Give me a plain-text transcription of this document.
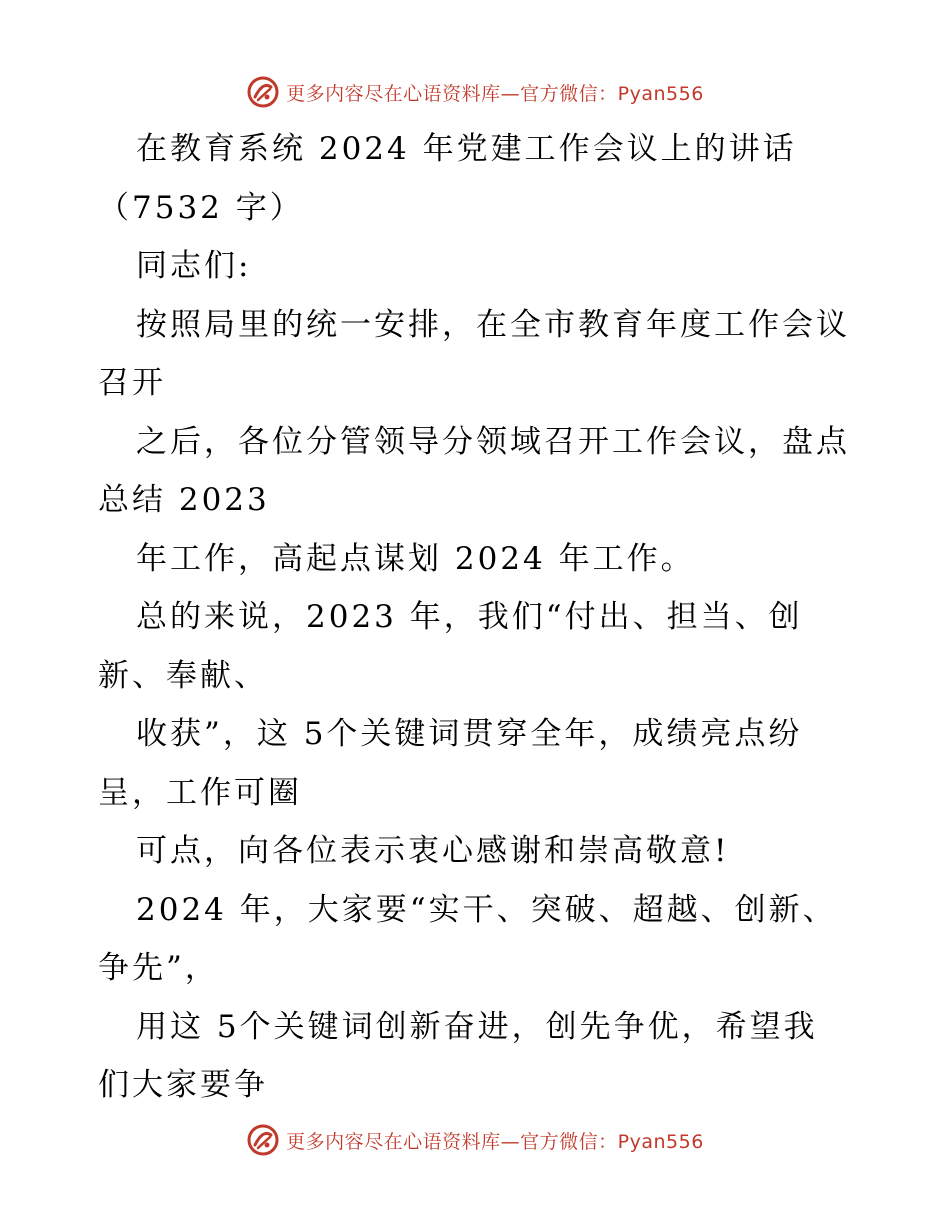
更多内容尽在心语资料库—官方微信：Pyan556
在教育系统 2024 年党建工作会议上的讲话
（7532 字）
同志们:
按照局里的统一安排，在全市教育年度工作会议
召开
之后，各位分管领导分领域召开工作会议，盘点
总结 2023
年工作，高起点谋划 2024 年工作。
总的来说，2023 年，我们“付出、担当、创
新、奉献、
收获”，这 5个关键词贯穿全年，成绩亮点纷
呈，工作可圈
可点，向各位表示衷心感谢和崇高敬意!
2024 年，大家要“实干、突破、超越、创新、
争先”，
用这 5个关键词创新奋进，创先争优，希望我
们大家要争
更多内容尽在心语资料库—官方微信：Pyan556
